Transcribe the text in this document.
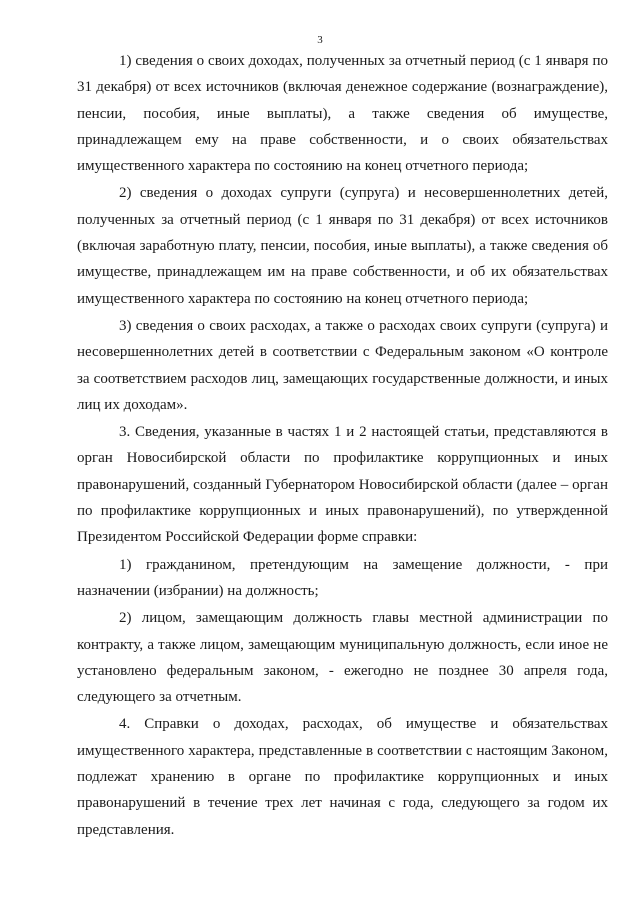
3

1) сведения о своих доходах, полученных за отчетный период (с 1 января по 31 декабря) от всех источников (включая денежное содержание (вознаграждение), пенсии, пособия, иные выплаты), а также сведения об имуществе, принадлежащем ему на праве собственности, и о своих обязательствах имущественного характера по состоянию на конец отчетного периода;

2) сведения о доходах супруги (супруга) и несовершеннолетних детей, полученных за отчетный период (с 1 января по 31 декабря) от всех источников (включая заработную плату, пенсии, пособия, иные выплаты), а также сведения об имуществе, принадлежащем им на праве собственности, и об их обязательствах имущественного характера по состоянию на конец отчетного периода;

3) сведения о своих расходах, а также о расходах своих супруги (супруга) и несовершеннолетних детей в соответствии с Федеральным законом «О контроле за соответствием расходов лиц, замещающих государственные должности, и иных лиц их доходам».

3. Сведения, указанные в частях 1 и 2 настоящей статьи, представляются в орган Новосибирской области по профилактике коррупционных и иных правонарушений, созданный Губернатором Новосибирской области (далее – орган по профилактике коррупционных и иных правонарушений), по утвержденной Президентом Российской Федерации форме справки:

1) гражданином, претендующим на замещение должности, - при назначении (избрании) на должность;

2) лицом, замещающим должность главы местной администрации по контракту, а также лицом, замещающим муниципальную должность, если иное не установлено федеральным законом, - ежегодно не позднее 30 апреля года, следующего за отчетным.

4. Справки о доходах, расходах, об имуществе и обязательствах имущественного характера, представленные в соответствии с настоящим Законом, подлежат хранению в органе по профилактике коррупционных и иных правонарушений в течение трех лет начиная с года, следующего за годом их представления.
